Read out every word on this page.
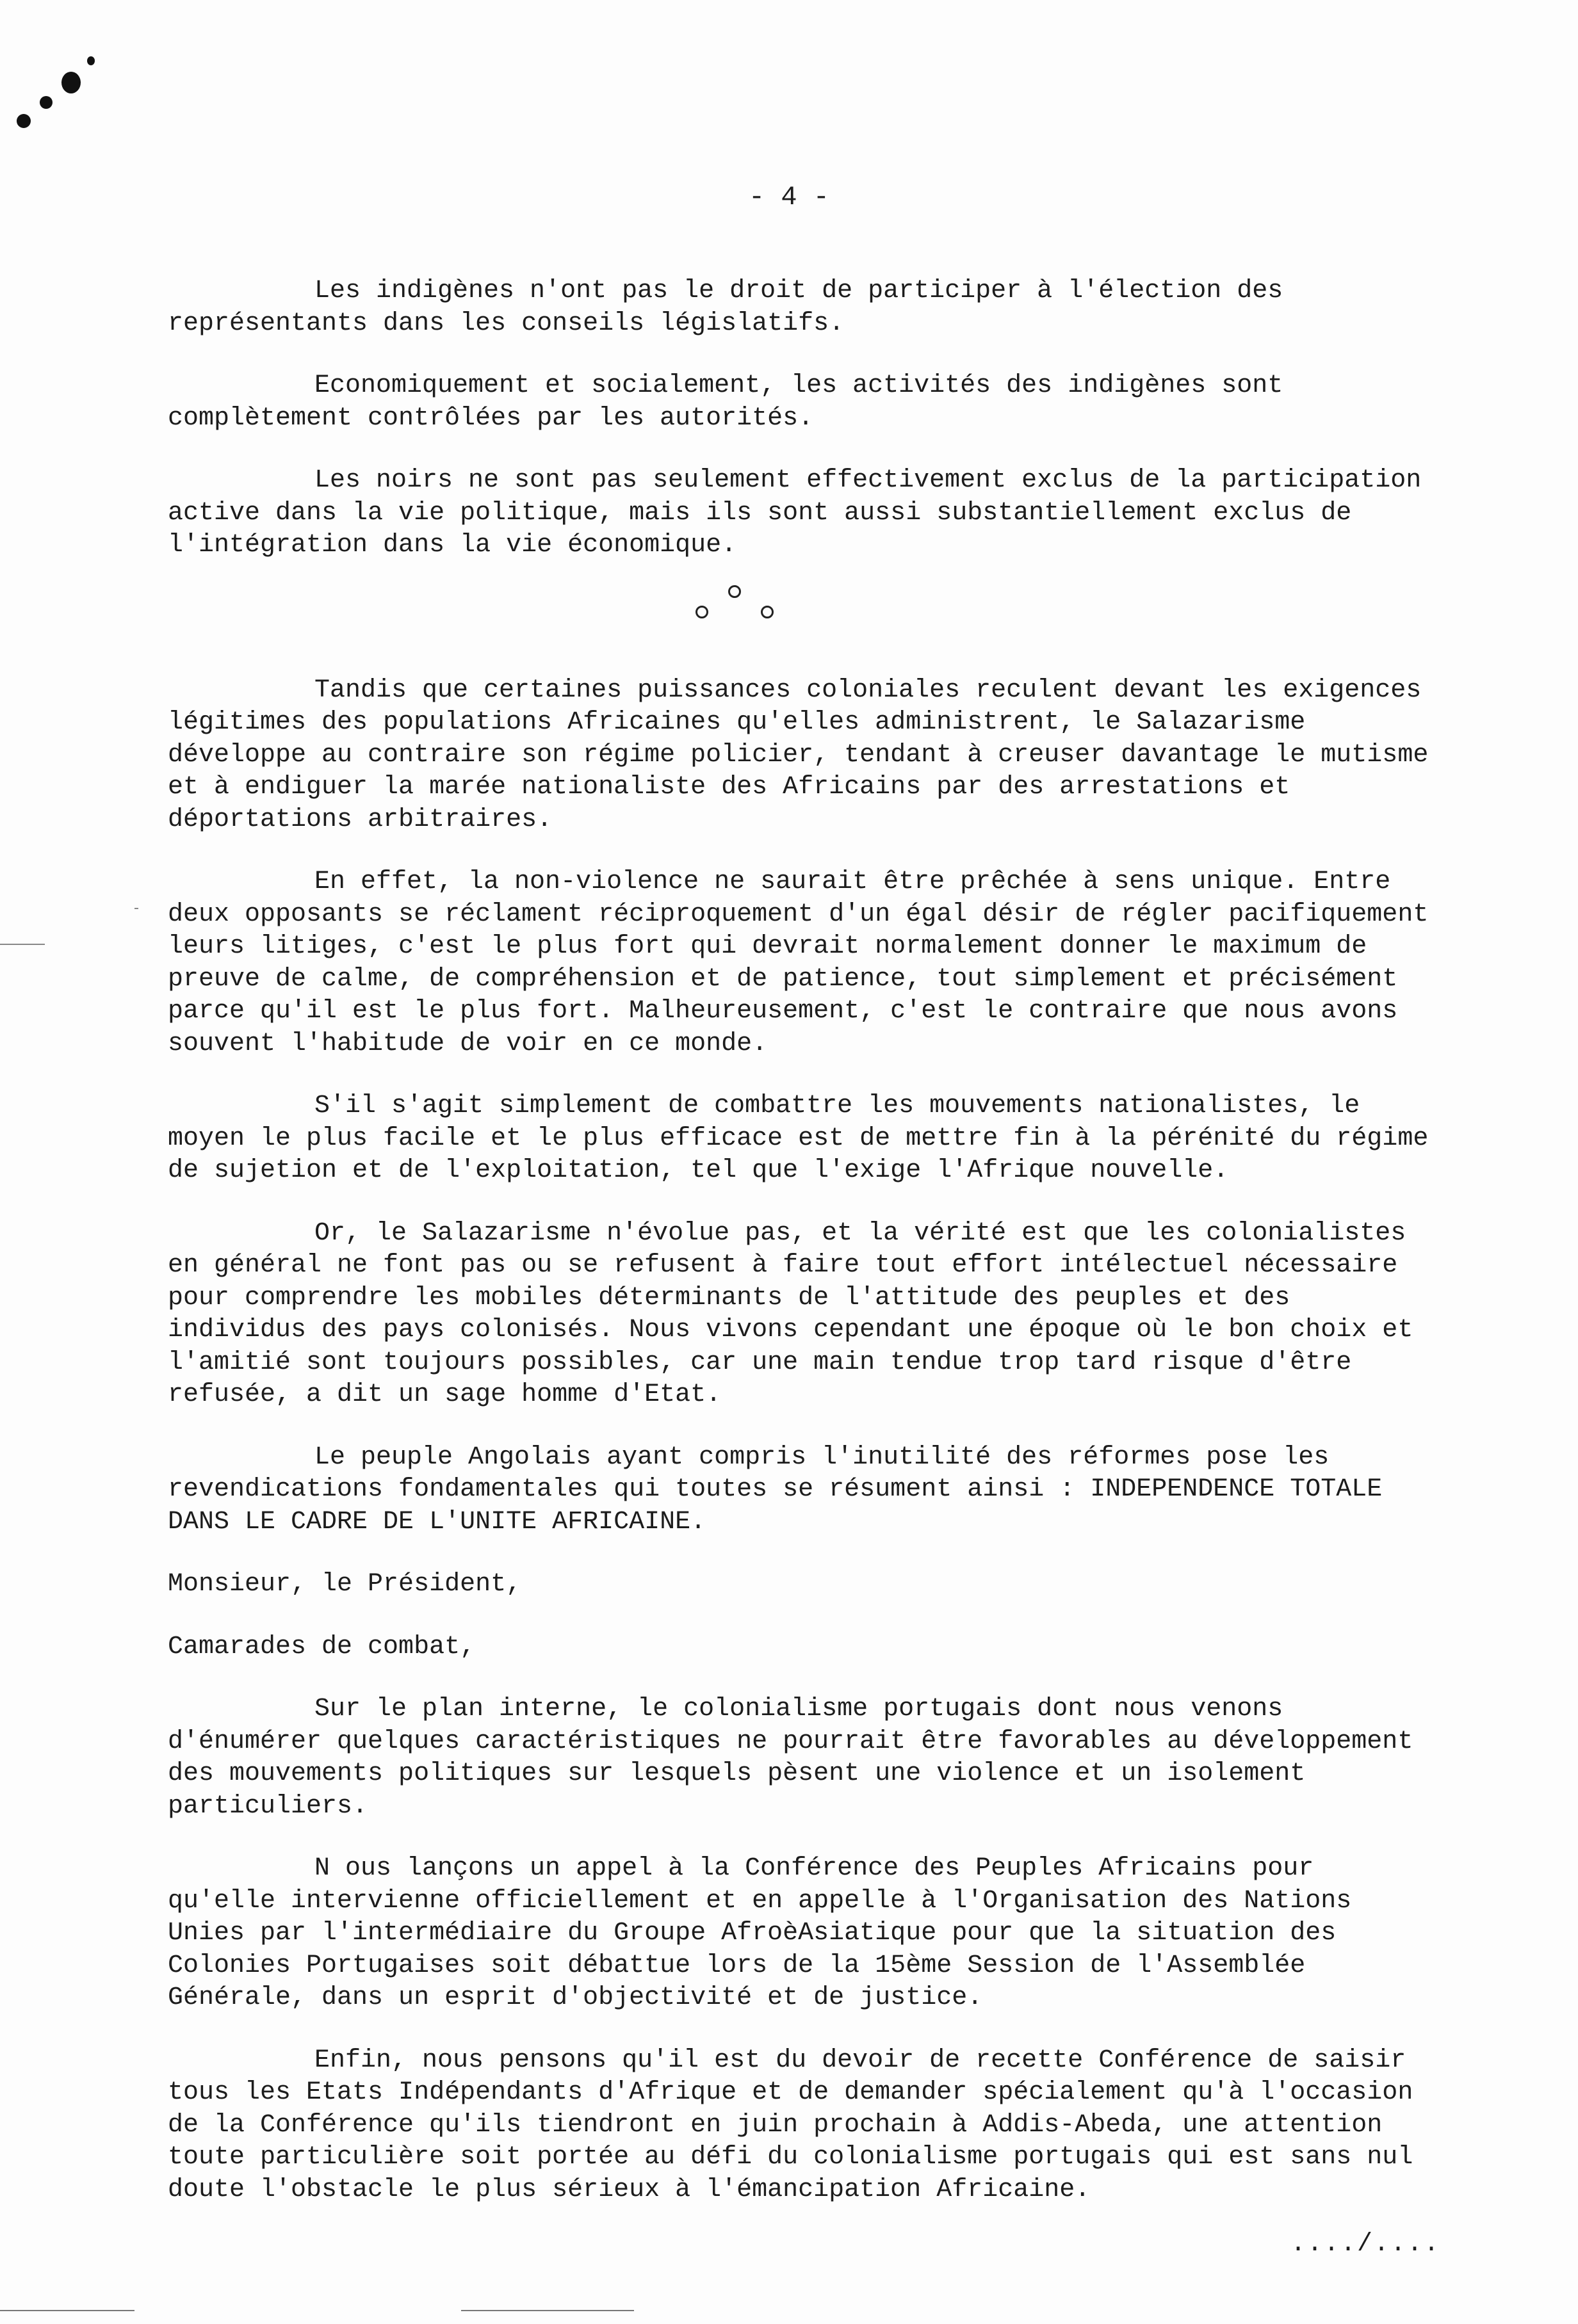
- 4 -

Les indigènes n'ont pas le droit de participer à l'élection des représentants dans les conseils législatifs.

Economiquement et socialement, les activités des indigènes sont complètement contrôlées par les autorités.

Les noirs ne sont pas seulement effectivement exclus de la participation active dans la vie politique, mais ils sont aussi substantiellement exclus de l'intégration dans la vie économique.

Tandis que certaines puissances coloniales reculent devant les exigences légitimes des populations Africaines qu'elles administrent, le Salazarisme développe au contraire son régime policier, tendant à creuser davantage le mutisme et à endiguer la marée nationaliste des Africains par des arrestations et déportations arbitraires.

En effet, la non-violence ne saurait être prêchée à sens unique. Entre deux opposants se réclament réciproquement d'un égal désir de régler pacifiquement leurs litiges, c'est le plus fort qui devrait normalement donner le maximum de preuve de calme, de compréhension et de patience, tout simplement et précisément parce qu'il est le plus fort. Malheureusement, c'est le contraire que nous avons souvent l'habitude de voir en ce monde.

S'il s'agit simplement de combattre les mouvements nationalistes, le moyen le plus facile et le plus efficace est de mettre fin à la pérénité du régime de sujetion et de l'exploitation, tel que l'exige l'Afrique nouvelle.

Or, le Salazarisme n'évolue pas, et la vérité est que les colonialistes en général ne font pas ou se refusent à faire tout effort intélectuel nécessaire pour comprendre les mobiles déterminants de l'attitude des peuples et des individus des pays colonisés. Nous vivons cependant une époque où le bon choix et l'amitié sont toujours possibles, car une main tendue trop tard risque d'être refusée, a dit un sage homme d'Etat.

Le peuple Angolais ayant compris l'inutilité des réformes pose les revendications fondamentales qui toutes se résument ainsi : INDEPENDENCE TOTALE DANS LE CADRE DE L'UNITE AFRICAINE.

Monsieur, le Président,

Camarades de combat,

Sur le plan interne, le colonialisme portugais dont nous venons d'énumérer quelques caractéristiques ne pourrait être favorables au développement des mouvements politiques sur lesquels pèsent une violence et un isolement particuliers.

N ous lançons un appel à la Conférence des Peuples Africains pour qu'elle intervienne officiellement et en appelle à l'Organisation des Nations Unies par l'intermédiaire du Groupe AfroèAsiatique pour que la situation des Colonies Portugaises soit débattue lors de la 15ème Session de l'Assemblée Générale, dans un esprit d'objectivité et de justice.

Enfin, nous pensons qu'il est du devoir de recette Conférence de saisir tous les Etats Indépendants d'Afrique et de demander spécialement qu'à l'occasion de la Conférence qu'ils tiendront en juin prochain à Addis-Abeda, une attention toute particulière soit portée au défi du colonialisme portugais qui est sans nul doute l'obstacle le plus sérieux à l'émancipation Africaine.

..../....
